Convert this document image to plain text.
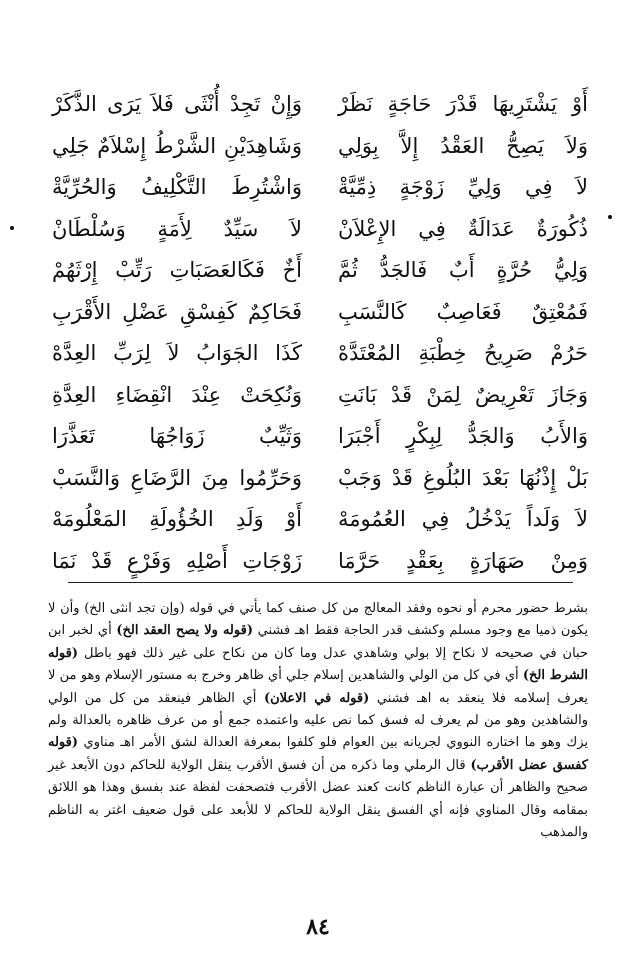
أَوْ يَشْتَرِيهَا قَدْرَ حَاجَةٍ نَظَرْ
وَإِنْ تَجِدْ أُنْثَى فَلاَ يَرَى الذَّكَرْ
وَلاَ يَصِحُّ العَقْدُ إِلاَّ بِوَلِي
وَشَاهِدَيْنِ الشَّرْطُ إِسْلاَمٌ جَلِي
لاَ فِي وَلِيِّ زَوْجَةٍ ذِمِّيَّةْ
وَاشْتُرِطَ التَّكْلِيفُ وَالحُرِّيَّةْ
ذُكُورَةٌ عَدَالَةٌ فِي الإِعْلاَنْ
لاَ سَيِّدٌ لِأَمَةٍ وَسُلْطَانْ
وَلِيُّ حُرَّةٍ أَبٌ فَالجَدُّ ثُمَّ
أَخٌ فَكَالعَصَبَاتِ رَتِّبْ إِرْثَهُمْ
فَمُعْتِقٌ فَعَاصِبٌ كَالنَّسَبِ
فَحَاكِمٌ كَفِسْقِ عَضْلِ الأَقْرَبِ
حَرُمْ صَرِيحُ خِطْبَةِ المُعْتَدَّهْ
كَذَا الجَوَابُ لاَ لِرَبِّ العِدَّهْ
وَجَازَ تَعْرِيضٌ لِمَنْ قَدْ بَانَتِ
وَنُكِحَتْ عِنْدَ انْقِضَاءِ العِدَّةِ
وَالأَبُ وَالجَدُّ لِبِكْرٍ أَجْبَرَا
وَثَيِّبٌ زَوَاجُهَا تَعَذَّرَا
بَلْ إِذْنُهَا بَعْدَ البُلُوغِ قَدْ وَجَبْ
وَحَرِّمُوا مِنَ الرَّضَاعِ وَالنَّسَبْ
لاَ وَلَداً يَدْخُلُ فِي العُمُومَهْ
أَوْ وَلَدِ الخُؤُولَةِ المَعْلُومَهْ
وَمِنْ صَهَارَةٍ بِعَقْدٍ حَرَّمَا
زَوْجَاتِ أَصْلِهِ وَفَرْعٍ قَدْ نَمَا

بشرط حضور محرم أو نحوه وفقد المعالج من كل صنف كما يأتي في قوله (وإن تجد انثى الخ) وأن لا يكون ذميا مع وجود مسلم وكشف قدر الحاجة فقط اهـ فشني (قوله ولا يصح العقد الخ) أي لخبر ابن حبان في صحيحه لا نكاح إلا بولي وشاهدي عدل وما كان من نكاح على غير ذلك فهو باطل (قوله الشرط الخ) أي في كل من الولي والشاهدين إسلام جلي أي ظاهر وخرج به مستور الإسلام وهو من لا يعرف إسلامه فلا ينعقد به اهـ فشني (قوله في الاعلان) أي الظاهر فينعقد من كل من الولي والشاهدين وهو من لم يعرف له فسق كما نص عليه واعتمده جمع أو من عرف ظاهره بالعدالة ولم يزك وهو ما اختاره النووي لجريانه بين العوام فلو كلفوا بمعرفة العدالة لشق الأمر اهـ مناوي (قوله كفسق عضل الأقرب) قال الرملي وما ذكره من أن فسق الأقرب ينقل الولاية للحاكم دون الأبعد غير صحيح والظاهر أن عبارة الناظم كانت كعند عضل الأقرب فتصحفت لفظة عند بفسق وهذا هو اللائق بمقامه وقال المناوي فإنه أي الفسق ينقل الولاية للحاكم لا للأبعد على قول ضعيف اغتر به الناظم والمذهب

٨٤
